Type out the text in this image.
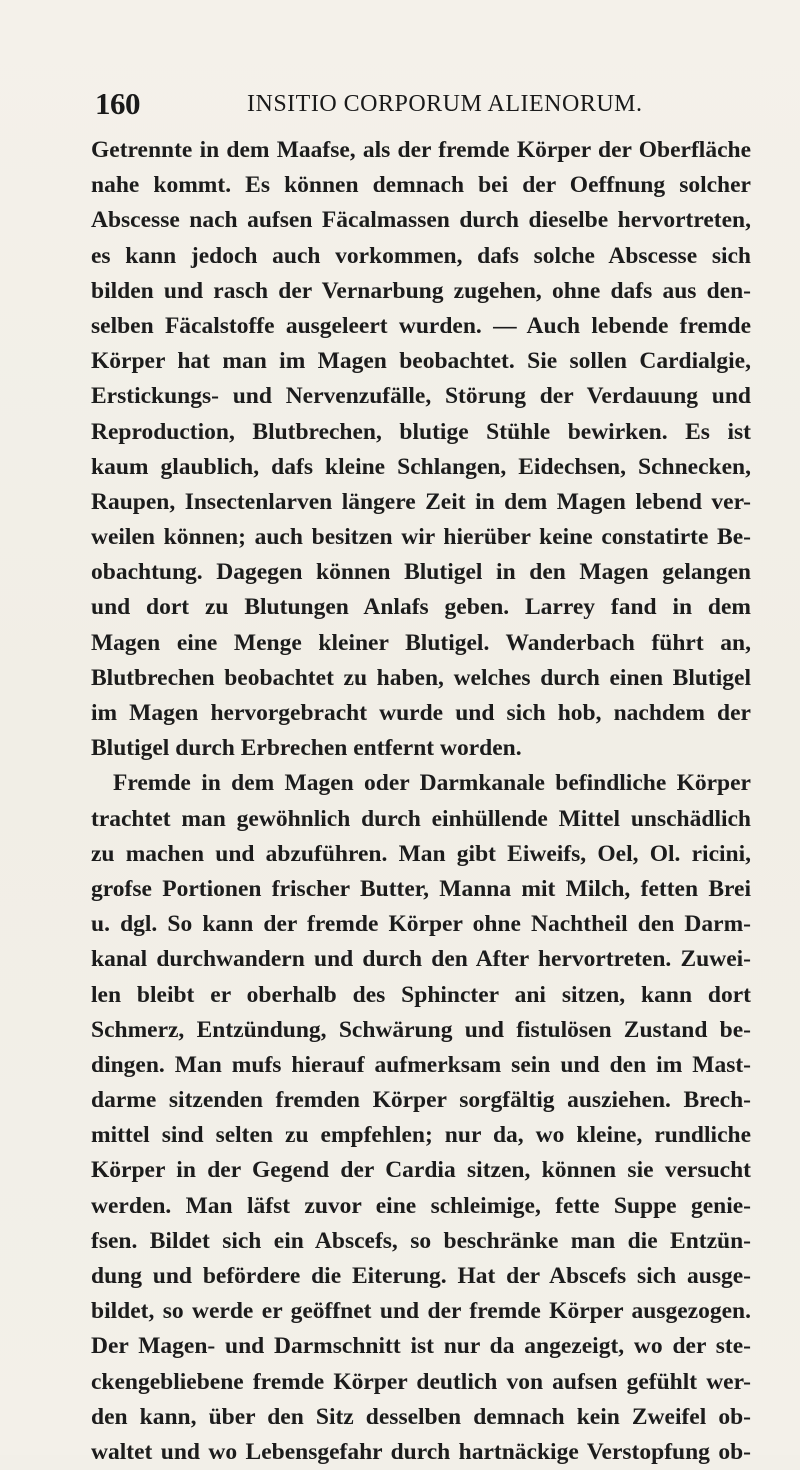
160	INSITIO CORPORUM ALIENORUM.
Getrennte in dem Maafse, als der fremde Körper der Oberfläche
nahe kommt. Es können demnach bei der Oeffnung solcher
Abscesse nach aufsen Fäcalmassen durch dieselbe hervortreten,
es kann jedoch auch vorkommen, dafs solche Abscesse sich
bilden und rasch der Vernarbung zugehen, ohne dafs aus den-
selben Fäcalstoffe ausgeleert wurden. — Auch lebende fremde
Körper hat man im Magen beobachtet. Sie sollen Cardialgie,
Erstickungs- und Nervenzufälle, Störung der Verdauung und
Reproduction, Blutbrechen, blutige Stühle bewirken. Es ist
kaum glaublich, dafs kleine Schlangen, Eidechsen, Schnecken,
Raupen, Insectenlarven längere Zeit in dem Magen lebend ver-
weilen können; auch besitzen wir hierüber keine constatirte Be-
obachtung. Dagegen können Blutigel in den Magen gelangen
und dort zu Blutungen Anlafs geben. Larrey fand in dem
Magen eine Menge kleiner Blutigel. Wanderbach führt an,
Blutbrechen beobachtet zu haben, welches durch einen Blutigel
im Magen hervorgebracht wurde und sich hob, nachdem der
Blutigel durch Erbrechen entfernt worden.
Fremde in dem Magen oder Darmkanale befindliche Körper
trachtet man gewöhnlich durch einhüllende Mittel unschädlich
zu machen und abzuführen. Man gibt Eiweifs, Oel, Ol. ricini,
grofse Portionen frischer Butter, Manna mit Milch, fetten Brei
u. dgl. So kann der fremde Körper ohne Nachtheil den Darm-
kanal durchwandern und durch den After hervortreten. Zuwei-
len bleibt er oberhalb des Sphincter ani sitzen, kann dort
Schmerz, Entzündung, Schwärung und fistulösen Zustand be-
dingen. Man mufs hierauf aufmerksam sein und den im Mast-
darme sitzenden fremden Körper sorgfältig ausziehen. Brech-
mittel sind selten zu empfehlen; nur da, wo kleine, rundliche
Körper in der Gegend der Cardia sitzen, können sie versucht
werden. Man läfst zuvor eine schleimige, fette Suppe genie-
fsen. Bildet sich ein Abscefs, so beschränke man die Entzün-
dung und befördere die Eiterung. Hat der Abscefs sich ausge-
bildet, so werde er geöffnet und der fremde Körper ausgezogen.
Der Magen- und Darmschnitt ist nur da angezeigt, wo der ste-
ckengebliebene fremde Körper deutlich von aufsen gefühlt wer-
den kann, über den Sitz desselben demnach kein Zweifel ob-
waltet und wo Lebensgefahr durch hartnäckige Verstopfung ob-
